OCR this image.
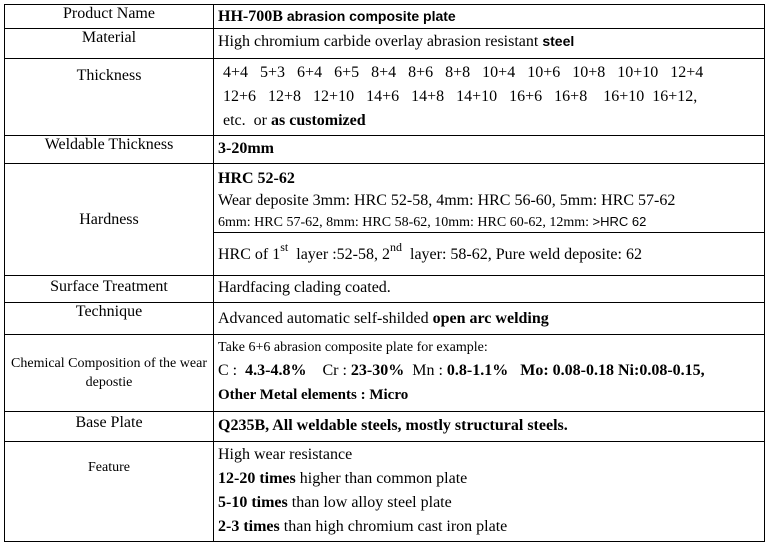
Product Name	HH-700B abrasion composite plate

Material	High chromium carbide overlay abrasion resistant steel

Thickness	4+4   5+3   6+4   6+5   8+4   8+6   8+8   10+4   10+6   10+8   10+10   12+4
12+6   12+8   12+10   14+6   14+8   14+10   16+6   16+8    16+10  16+12,
etc.  or as customized

Weldable Thickness	3-20mm
Hardness	HRC 52-62
Wear deposite 3mm: HRC 52-58, 4mm: HRC 56-60, 5mm: HRC 57-62
6mm: HRC 57-62, 8mm: HRC 58-62, 10mm: HRC 60-62, 12mm: >HRC 62
HRC of 1st  layer :52-58, 2nd  layer: 58-62, Pure weld deposite: 62

Surface Treatment	Hardfacing clading coated.
Technique	Advanced automatic self-shilded open arc welding

Chemical Composition of the wear depostie	Take 6+6 abrasion composite plate for example:
C :  4.3-4.8%    Cr : 23-30%  Mn : 0.8-1.1%   Mo: 0.08-0.18 Ni:0.08-0.15,
Other Metal elements : Micro

Base Plate	Q235B, All weldable steels, mostly structural steels.
Feature	High wear resistance
12-20 times higher than common plate
5-10 times than low alloy steel plate
2-3 times than high chromium cast iron plate
